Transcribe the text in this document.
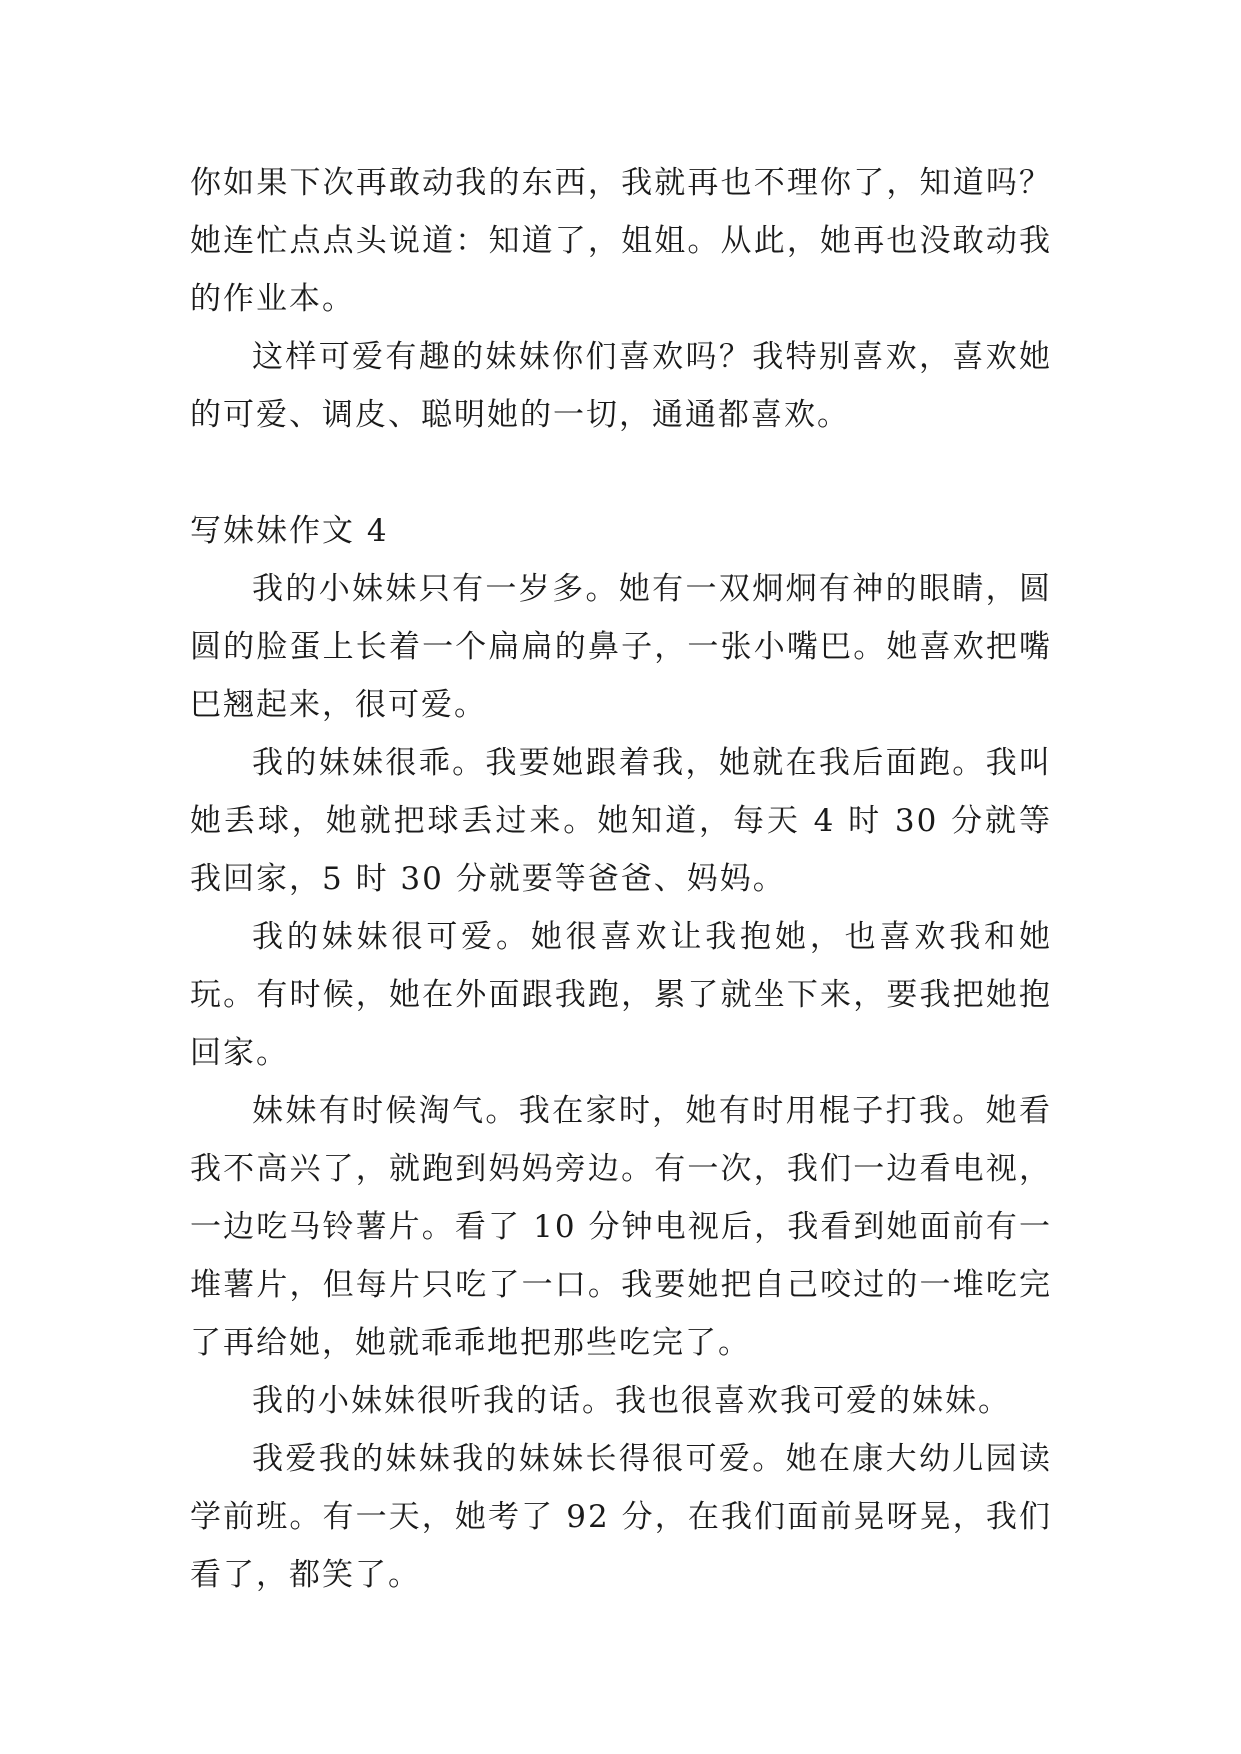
你如果下次再敢动我的东西，我就再也不理你了，知道吗？她连忙点点头说道：知道了，姐姐。从此，她再也没敢动我的作业本。

这样可爱有趣的妹妹你们喜欢吗？我特别喜欢，喜欢她的可爱、调皮、聪明她的一切，通通都喜欢。

写妹妹作文 4

我的小妹妹只有一岁多。她有一双炯炯有神的眼睛，圆圆的脸蛋上长着一个扁扁的鼻子，一张小嘴巴。她喜欢把嘴巴翘起来，很可爱。

我的妹妹很乖。我要她跟着我，她就在我后面跑。我叫她丢球，她就把球丢过来。她知道，每天 4 时 30 分就等我回家，5 时 30 分就要等爸爸、妈妈。

我的妹妹很可爱。她很喜欢让我抱她，也喜欢我和她玩。有时候，她在外面跟我跑，累了就坐下来，要我把她抱回家。

妹妹有时候淘气。我在家时，她有时用棍子打我。她看我不高兴了，就跑到妈妈旁边。有一次，我们一边看电视，一边吃马铃薯片。看了 10 分钟电视后，我看到她面前有一堆薯片，但每片只吃了一口。我要她把自己咬过的一堆吃完了再给她，她就乖乖地把那些吃完了。

我的小妹妹很听我的话。我也很喜欢我可爱的妹妹。

我爱我的妹妹我的妹妹长得很可爱。她在康大幼儿园读学前班。有一天，她考了 92 分，在我们面前晃呀晃，我们看了，都笑了。
